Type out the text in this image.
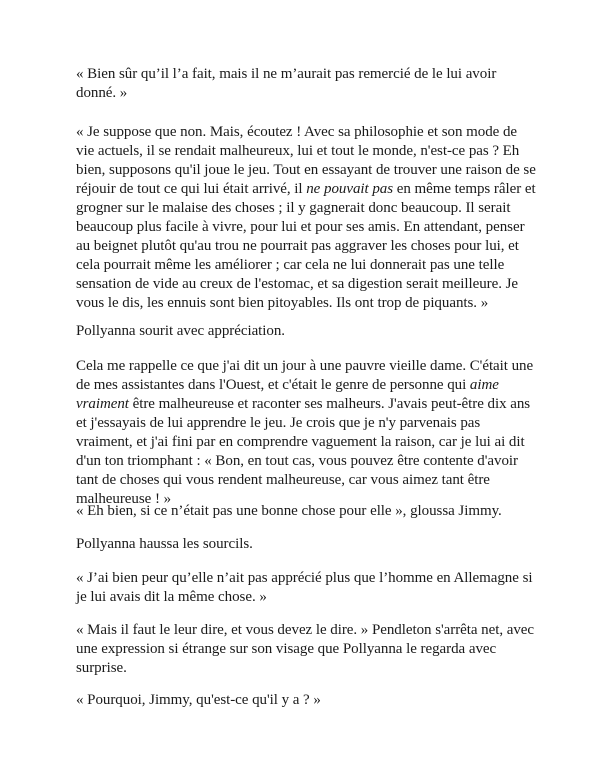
« Bien sûr qu’il l’a fait, mais il ne m’aurait pas remercié de le lui avoir donné. »

« Je suppose que non. Mais, écoutez ! Avec sa philosophie et son mode de vie actuels, il se rendait malheureux, lui et tout le monde, n'est-ce pas ? Eh bien, supposons qu'il joue le jeu. Tout en essayant de trouver une raison de se réjouir de tout ce qui lui était arrivé, il ne pouvait pas en même temps râler et grogner sur le malaise des choses ; il y gagnerait donc beaucoup. Il serait beaucoup plus facile à vivre, pour lui et pour ses amis. En attendant, penser au beignet plutôt qu'au trou ne pourrait pas aggraver les choses pour lui, et cela pourrait même les améliorer ; car cela ne lui donnerait pas une telle sensation de vide au creux de l'estomac, et sa digestion serait meilleure. Je vous le dis, les ennuis sont bien pitoyables. Ils ont trop de piquants. »

Pollyanna sourit avec appréciation.

Cela me rappelle ce que j'ai dit un jour à une pauvre vieille dame. C'était une de mes assistantes dans l'Ouest, et c'était le genre de personne qui aime vraiment être malheureuse et raconter ses malheurs. J'avais peut-être dix ans et j'essayais de lui apprendre le jeu. Je crois que je n'y parvenais pas vraiment, et j'ai fini par en comprendre vaguement la raison, car je lui ai dit d'un ton triomphant : « Bon, en tout cas, vous pouvez être contente d'avoir tant de choses qui vous rendent malheureuse, car vous aimez tant être malheureuse ! »

« Eh bien, si ce n’était pas une bonne chose pour elle », gloussa Jimmy.

Pollyanna haussa les sourcils.

« J’ai bien peur qu’elle n’ait pas apprécié plus que l’homme en Allemagne si je lui avais dit la même chose. »

« Mais il faut le leur dire, et vous devez le dire. » Pendleton s'arrêta net, avec une expression si étrange sur son visage que Pollyanna le regarda avec surprise.

« Pourquoi, Jimmy, qu'est-ce qu'il y a ? »
